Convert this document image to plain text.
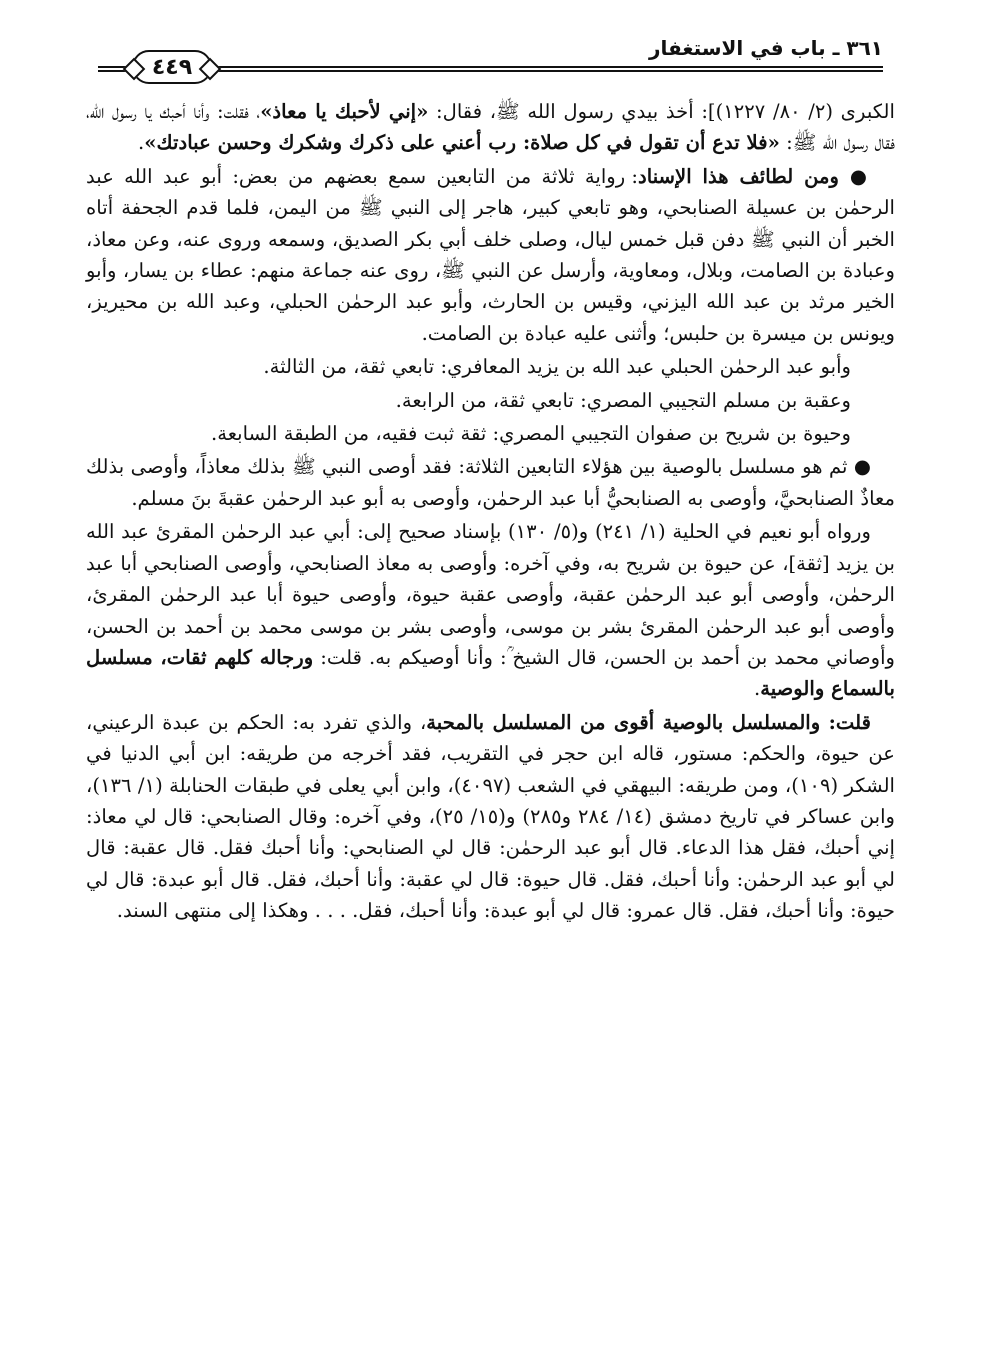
٤٤٩
٣٦١ ـ باب في الاستغفار

الكبرى (٢/ ٨٠/ ١٢٢٧)]: أخذ بيدي رسول الله ﷺ، فقال: «إني لأحبك يا معاذ»، فقلت: وأنا أحبك يا رسول الله، فقال رسول الله ﷺ: «فلا تدع أن تقول في كل صلاة: رب أعني على ذكرك وشكرك وحسن عبادتك».

● ومن لطائف هذا الإسناد: رواية ثلاثة من التابعين سمع بعضهم من بعض: أبو عبد الله عبد الرحمٰن بن عسيلة الصنابحي، وهو تابعي كبير، هاجر إلى النبي ﷺ من اليمن، فلما قدم الجحفة أتاه الخبر أن النبي ﷺ دفن قبل خمس ليال، وصلى خلف أبي بكر الصديق، وسمعه وروى عنه، وعن معاذ، وعبادة بن الصامت، وبلال، ومعاوية، وأرسل عن النبي ﷺ، روى عنه جماعة منهم: عطاء بن يسار، وأبو الخير مرثد بن عبد الله اليزني، وقيس بن الحارث، وأبو عبد الرحمٰن الحبلي، وعبد الله بن محيريز، ويونس بن ميسرة بن حلبس؛ وأثنى عليه عبادة بن الصامت.

وأبو عبد الرحمٰن الحبلي عبد الله بن يزيد المعافري: تابعي ثقة، من الثالثة.

وعقبة بن مسلم التجيبي المصري: تابعي ثقة، من الرابعة.

وحيوة بن شريح بن صفوان التجيبي المصري: ثقة ثبت فقيه، من الطبقة السابعة.

● ثم هو مسلسل بالوصية بين هؤلاء التابعين الثلاثة: فقد أوصى النبي ﷺ بذلك معاذاً، وأوصى بذلك معاذٌ الصنابحيَّ، وأوصى به الصنابحيُّ أبا عبد الرحمٰن، وأوصى به أبو عبد الرحمٰن عقبةَ بنَ مسلم.

ورواه أبو نعيم في الحلية (١/ ٢٤١) و(٥/ ١٣٠) بإسناد صحيح إلى: أبي عبد الرحمٰن المقرئ عبد الله بن يزيد [ثقة]، عن حيوة بن شريح به، وفي آخره: وأوصى به معاذ الصنابحي، وأوصى الصنابحي أبا عبد الرحمٰن، وأوصى أبو عبد الرحمٰن عقبة، وأوصى عقبة حيوة، وأوصى حيوة أبا عبد الرحمٰن المقرئ، وأوصى أبو عبد الرحمٰن المقرئ بشر بن موسى، وأوصى بشر بن موسى محمد بن أحمد بن الحسن، وأوصاني محمد بن أحمد بن الحسن، قال الشيخ ؒ: وأنا أوصيكم به. قلت: ورجاله كلهم ثقات، مسلسل بالسماع والوصية.

قلت: والمسلسل بالوصية أقوى من المسلسل بالمحبة، والذي تفرد به: الحكم بن عبدة الرعيني، عن حيوة، والحكم: مستور، قاله ابن حجر في التقريب، فقد أخرجه من طريقه: ابن أبي الدنيا في الشكر (١٠٩)، ومن طريقه: البيهقي في الشعب (٤٠٩٧)، وابن أبي يعلى في طبقات الحنابلة (١/ ١٣٦)، وابن عساكر في تاريخ دمشق (١٤/ ٢٨٤ و٢٨٥) و(١٥/ ٢٥)، وفي آخره: وقال الصنابحي: قال لي معاذ: إني أحبك، فقل هذا الدعاء. قال أبو عبد الرحمٰن: قال لي الصنابحي: وأنا أحبك فقل. قال عقبة: قال لي أبو عبد الرحمٰن: وأنا أحبك، فقل. قال حيوة: قال لي عقبة: وأنا أحبك، فقل. قال أبو عبدة: قال لي حيوة: وأنا أحبك، فقل. قال عمرو: قال لي أبو عبدة: وأنا أحبك، فقل. . . . وهكذا إلى منتهى السند.
